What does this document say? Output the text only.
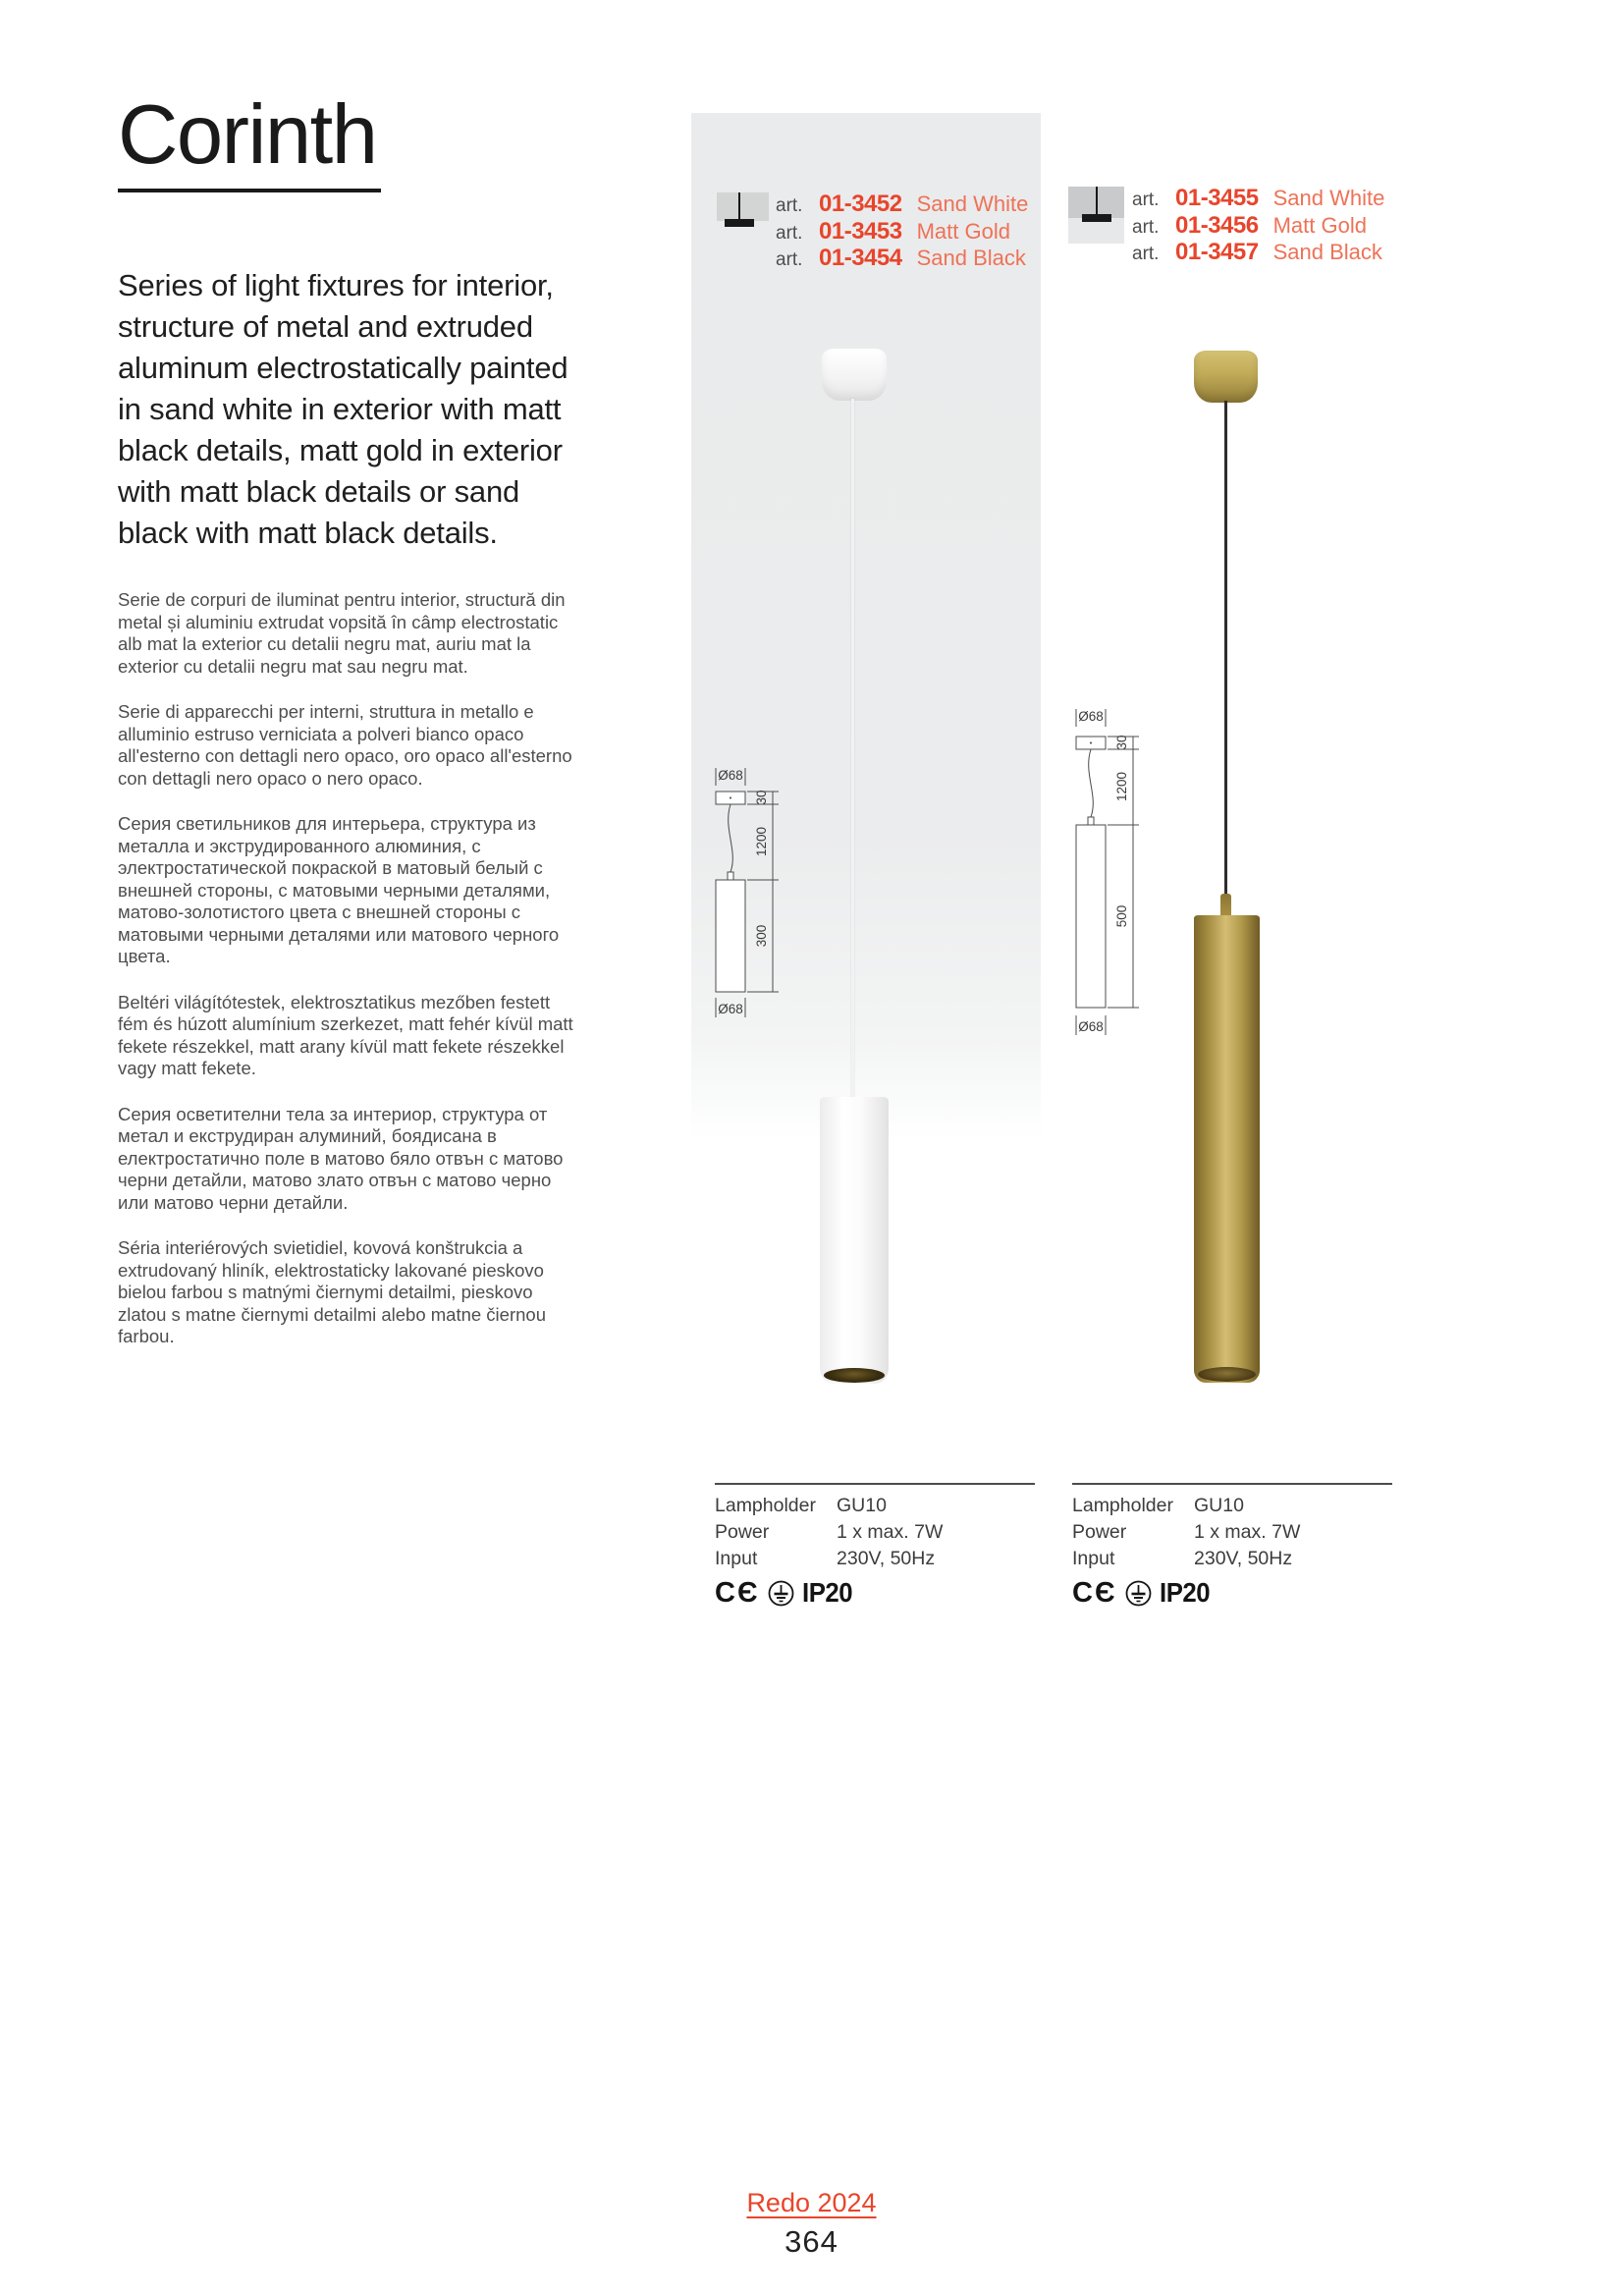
Corinth

Series of light fixtures for interior, structure of metal and extruded aluminum electrostatically painted in sand white in exterior with matt black details, matt gold in exterior with matt black details or sand black with matt black details.

Serie de corpuri de iluminat pentru interior, structură din metal și aluminiu extrudat vopsită în câmp electrostatic alb mat la exterior cu detalii negru mat, auriu mat la exterior cu detalii negru mat sau negru mat.

Serie di apparecchi per interni, struttura in metallo e alluminio estruso verniciata a polveri bianco opaco all'esterno con dettagli nero opaco, oro opaco all'esterno con dettagli nero opaco o nero opaco.

Серия светильников для интерьера, структура из металла и экструдированного алюминия, с электростатической покраской в матовый белый с внешней стороны, с матовыми черными деталями, матово-золотистого цвета с внешней стороны с матовыми черными деталями или матового черного цвета.

Beltéri világítótestek, elektrosztatikus mezőben festett fém és húzott alumínium szerkezet, matt fehér kívül matt fekete részekkel, matt arany kívül matt fekete részekkel vagy matt fekete.

Серия осветителни тела за интериор, структура от метал и екструдиран алуминий, боядисана в електростатично поле в матово бяло отвън с матово черни детайли, матово злато отвън с матово черно или матово черни детайли.

Séria interiérových svietidiel, kovová konštrukcia a extrudovaný hliník, elektrostaticky lakované pieskovo bielou farbou s matnými čiernymi detailmi, pieskovo zlatou s matne čiernymi detailmi alebo matne čiernou farbou.

art. 01-3452 Sand White
art. 01-3453 Matt Gold
art. 01-3454 Sand Black
Ø68
Ø68
30
1200
300
Lampholder	GU10
Power	1 x max. 7W
Input	230V, 50Hz
CЄ IP20
art. 01-3455 Sand White
art. 01-3456 Matt Gold
art. 01-3457 Sand Black
Ø68
Ø68
30
1200
500
Lampholder	GU10
Power	1 x max. 7W
Input	230V, 50Hz
CЄ IP20
Redo 2024
364
